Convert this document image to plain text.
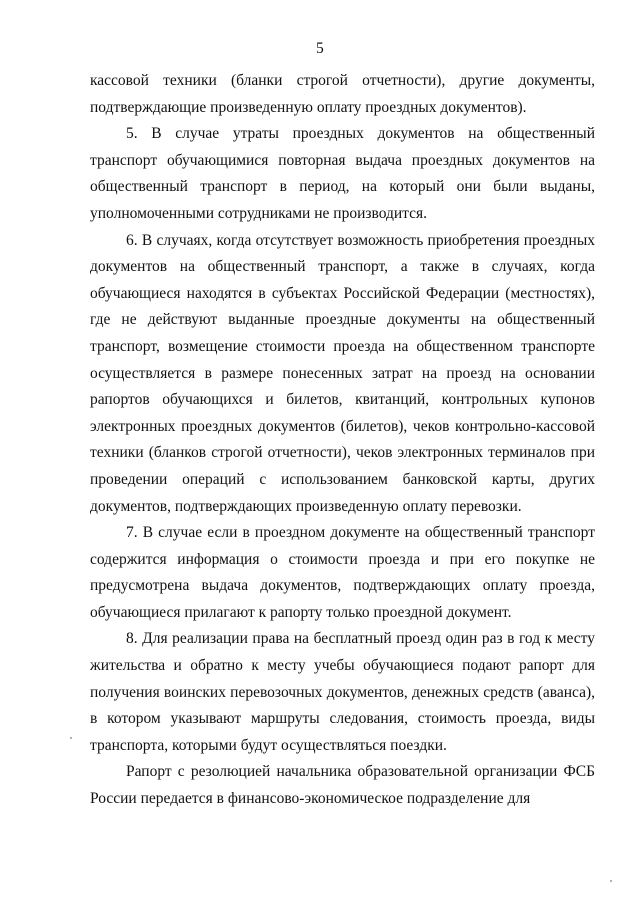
5

кассовой техники (бланки строгой отчетности), другие документы, подтверждающие произведенную оплату проездных документов).

5. В случае утраты проездных документов на общественный транспорт обучающимися повторная выдача проездных документов на общественный транспорт в период, на который они были выданы, уполномоченными сотрудниками не производится.

6. В случаях, когда отсутствует возможность приобретения проездных документов на общественный транспорт, а также в случаях, когда обучающиеся находятся в субъектах Российской Федерации (местностях), где не действуют выданные проездные документы на общественный транспорт, возмещение стоимости проезда на общественном транспорте осуществляется в размере понесенных затрат на проезд на основании рапортов обучающихся и билетов, квитанций, контрольных купонов электронных проездных документов (билетов), чеков контрольно-кассовой техники (бланков строгой отчетности), чеков электронных терминалов при проведении операций с использованием банковской карты, других документов, подтверждающих произведенную оплату перевозки.

7. В случае если в проездном документе на общественный транспорт содержится информация о стоимости проезда и при его покупке не предусмотрена выдача документов, подтверждающих оплату проезда, обучающиеся прилагают к рапорту только проездной документ.

8. Для реализации права на бесплатный проезд один раз в год к месту жительства и обратно к месту учебы обучающиеся подают рапорт для получения воинских перевозочных документов, денежных средств (аванса), в котором указывают маршруты следования, стоимость проезда, виды транспорта, которыми будут осуществляться поездки.

Рапорт с резолюцией начальника образовательной организации ФСБ России передается в финансово-экономическое подразделение для
